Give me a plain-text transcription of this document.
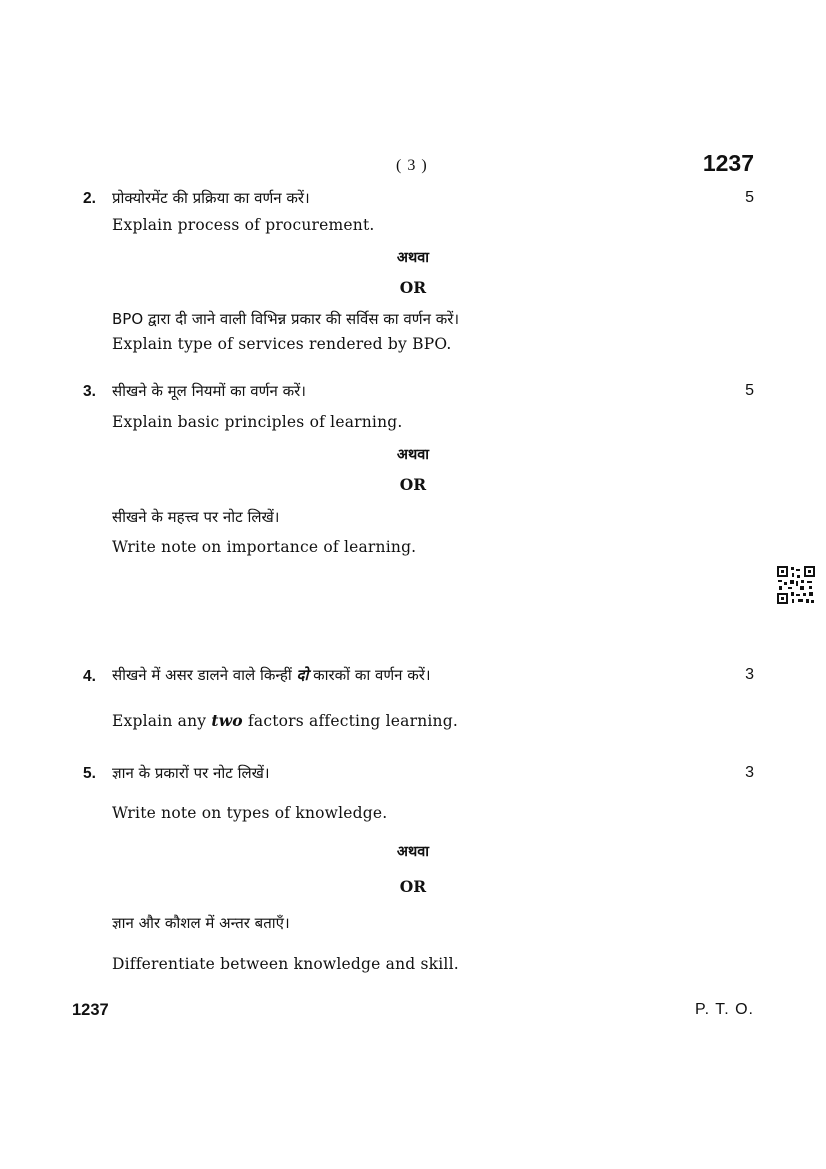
( 3 )	1237
2. प्रोक्योरमेंट की प्रक्रिया का वर्णन करें।	5
Explain process of procurement.
अथवा
OR
BPO द्वारा दी जाने वाली विभिन्न प्रकार की सर्विस का वर्णन करें।
Explain type of services rendered by BPO.
3. सीखने के मूल नियमों का वर्णन करें।	5
Explain basic principles of learning.
अथवा
OR
सीखने के महत्त्व पर नोट लिखें।
Write note on importance of learning.
4. सीखने में असर डालने वाले किन्हीं दो कारकों का वर्णन करें।	3
Explain any two factors affecting learning.
5. ज्ञान के प्रकारों पर नोट लिखें।	3
Write note on types of knowledge.
अथवा
OR
ज्ञान और कौशल में अन्तर बताएँ।
Differentiate between knowledge and skill.
1237	P. T. O.
